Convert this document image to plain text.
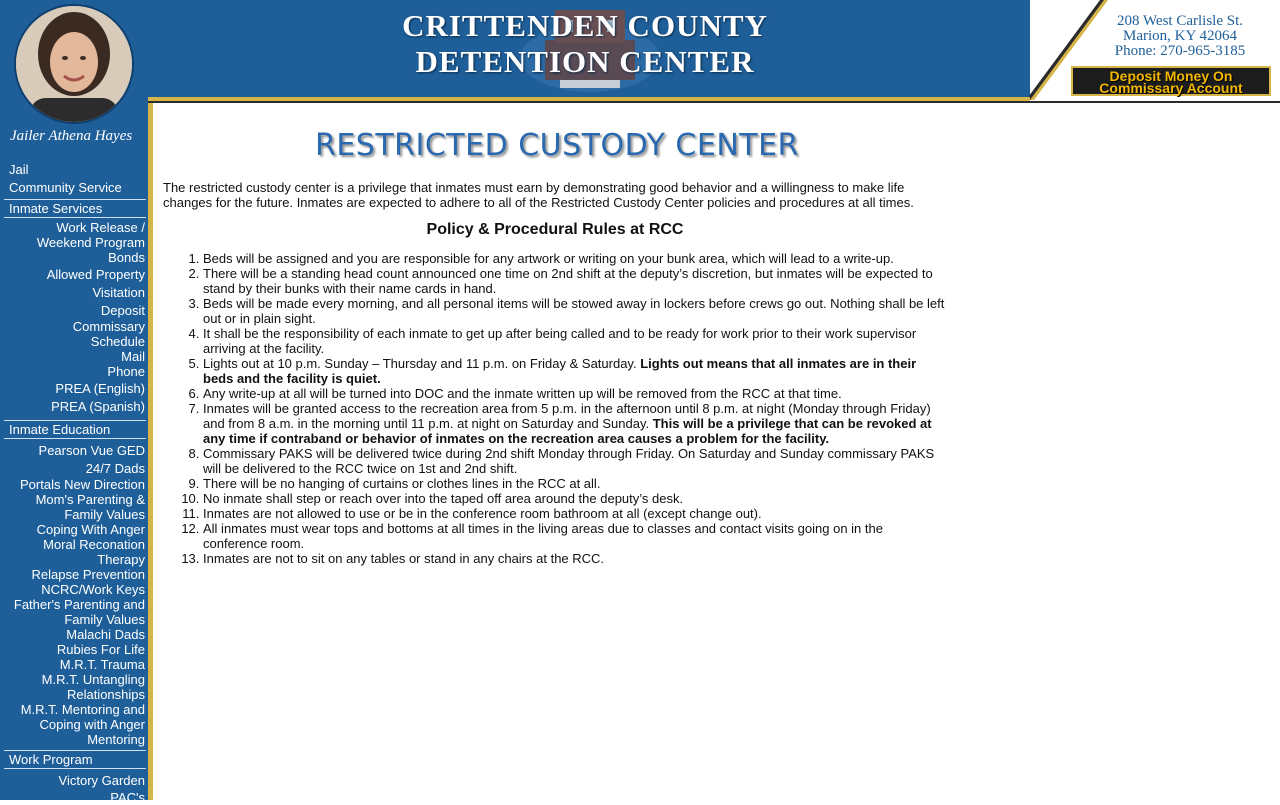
CRITTENDEN COUNTY
DETENTION CENTER
208 West Carlisle St.
Marion, KY 42064
Phone: 270-965-3185
Deposit Money On
Commissary Account
Jailer Athena Hayes
Jail
Community Service
Inmate Services
Work Release /
Weekend Program
Bonds
Allowed Property
Visitation
Deposit
Commissary
Schedule
Mail
Phone
PREA (English)
PREA (Spanish)
Inmate Education
Pearson Vue GED
24/7 Dads
Portals New Direction
Mom's Parenting &
Family Values
Coping With Anger
Moral Reconation
Therapy
Relapse Prevention
NCRC/Work Keys
Father's Parenting and
Family Values
Malachi Dads
Rubies For Life
M.R.T. Trauma
M.R.T. Untangling
Relationships
M.R.T. Mentoring and
Coping with Anger
Mentoring
Work Program
Victory Garden
PAC's
RESTRICTED CUSTODY CENTER
The restricted custody center is a privilege that inmates must earn by demonstrating good behavior and a willingness to make life changes for the future. Inmates are expected to adhere to all of the Restricted Custody Center policies and procedures at all times.
Policy & Procedural Rules at RCC
1. Beds will be assigned and you are responsible for any artwork or writing on your bunk area, which will lead to a write-up.
2. There will be a standing head count announced one time on 2nd shift at the deputy’s discretion, but inmates will be expected to stand by their bunks with their name cards in hand.
3. Beds will be made every morning, and all personal items will be stowed away in lockers before crews go out. Nothing shall be left out or in plain sight.
4. It shall be the responsibility of each inmate to get up after being called and to be ready for work prior to their work supervisor arriving at the facility.
5. Lights out at 10 p.m. Sunday – Thursday and 11 p.m. on Friday & Saturday. Lights out means that all inmates are in their beds and the facility is quiet.
6. Any write-up at all will be turned into DOC and the inmate written up will be removed from the RCC at that time.
7. Inmates will be granted access to the recreation area from 5 p.m. in the afternoon until 8 p.m. at night (Monday through Friday) and from 8 a.m. in the morning until 11 p.m. at night on Saturday and Sunday. This will be a privilege that can be revoked at any time if contraband or behavior of inmates on the recreation area causes a problem for the facility.
8. Commissary PAKS will be delivered twice during 2nd shift Monday through Friday. On Saturday and Sunday commissary PAKS will be delivered to the RCC twice on 1st and 2nd shift.
9. There will be no hanging of curtains or clothes lines in the RCC at all.
10. No inmate shall step or reach over into the taped off area around the deputy’s desk.
11. Inmates are not allowed to use or be in the conference room bathroom at all (except change out).
12. All inmates must wear tops and bottoms at all times in the living areas due to classes and contact visits going on in the conference room.
13. Inmates are not to sit on any tables or stand in any chairs at the RCC.
